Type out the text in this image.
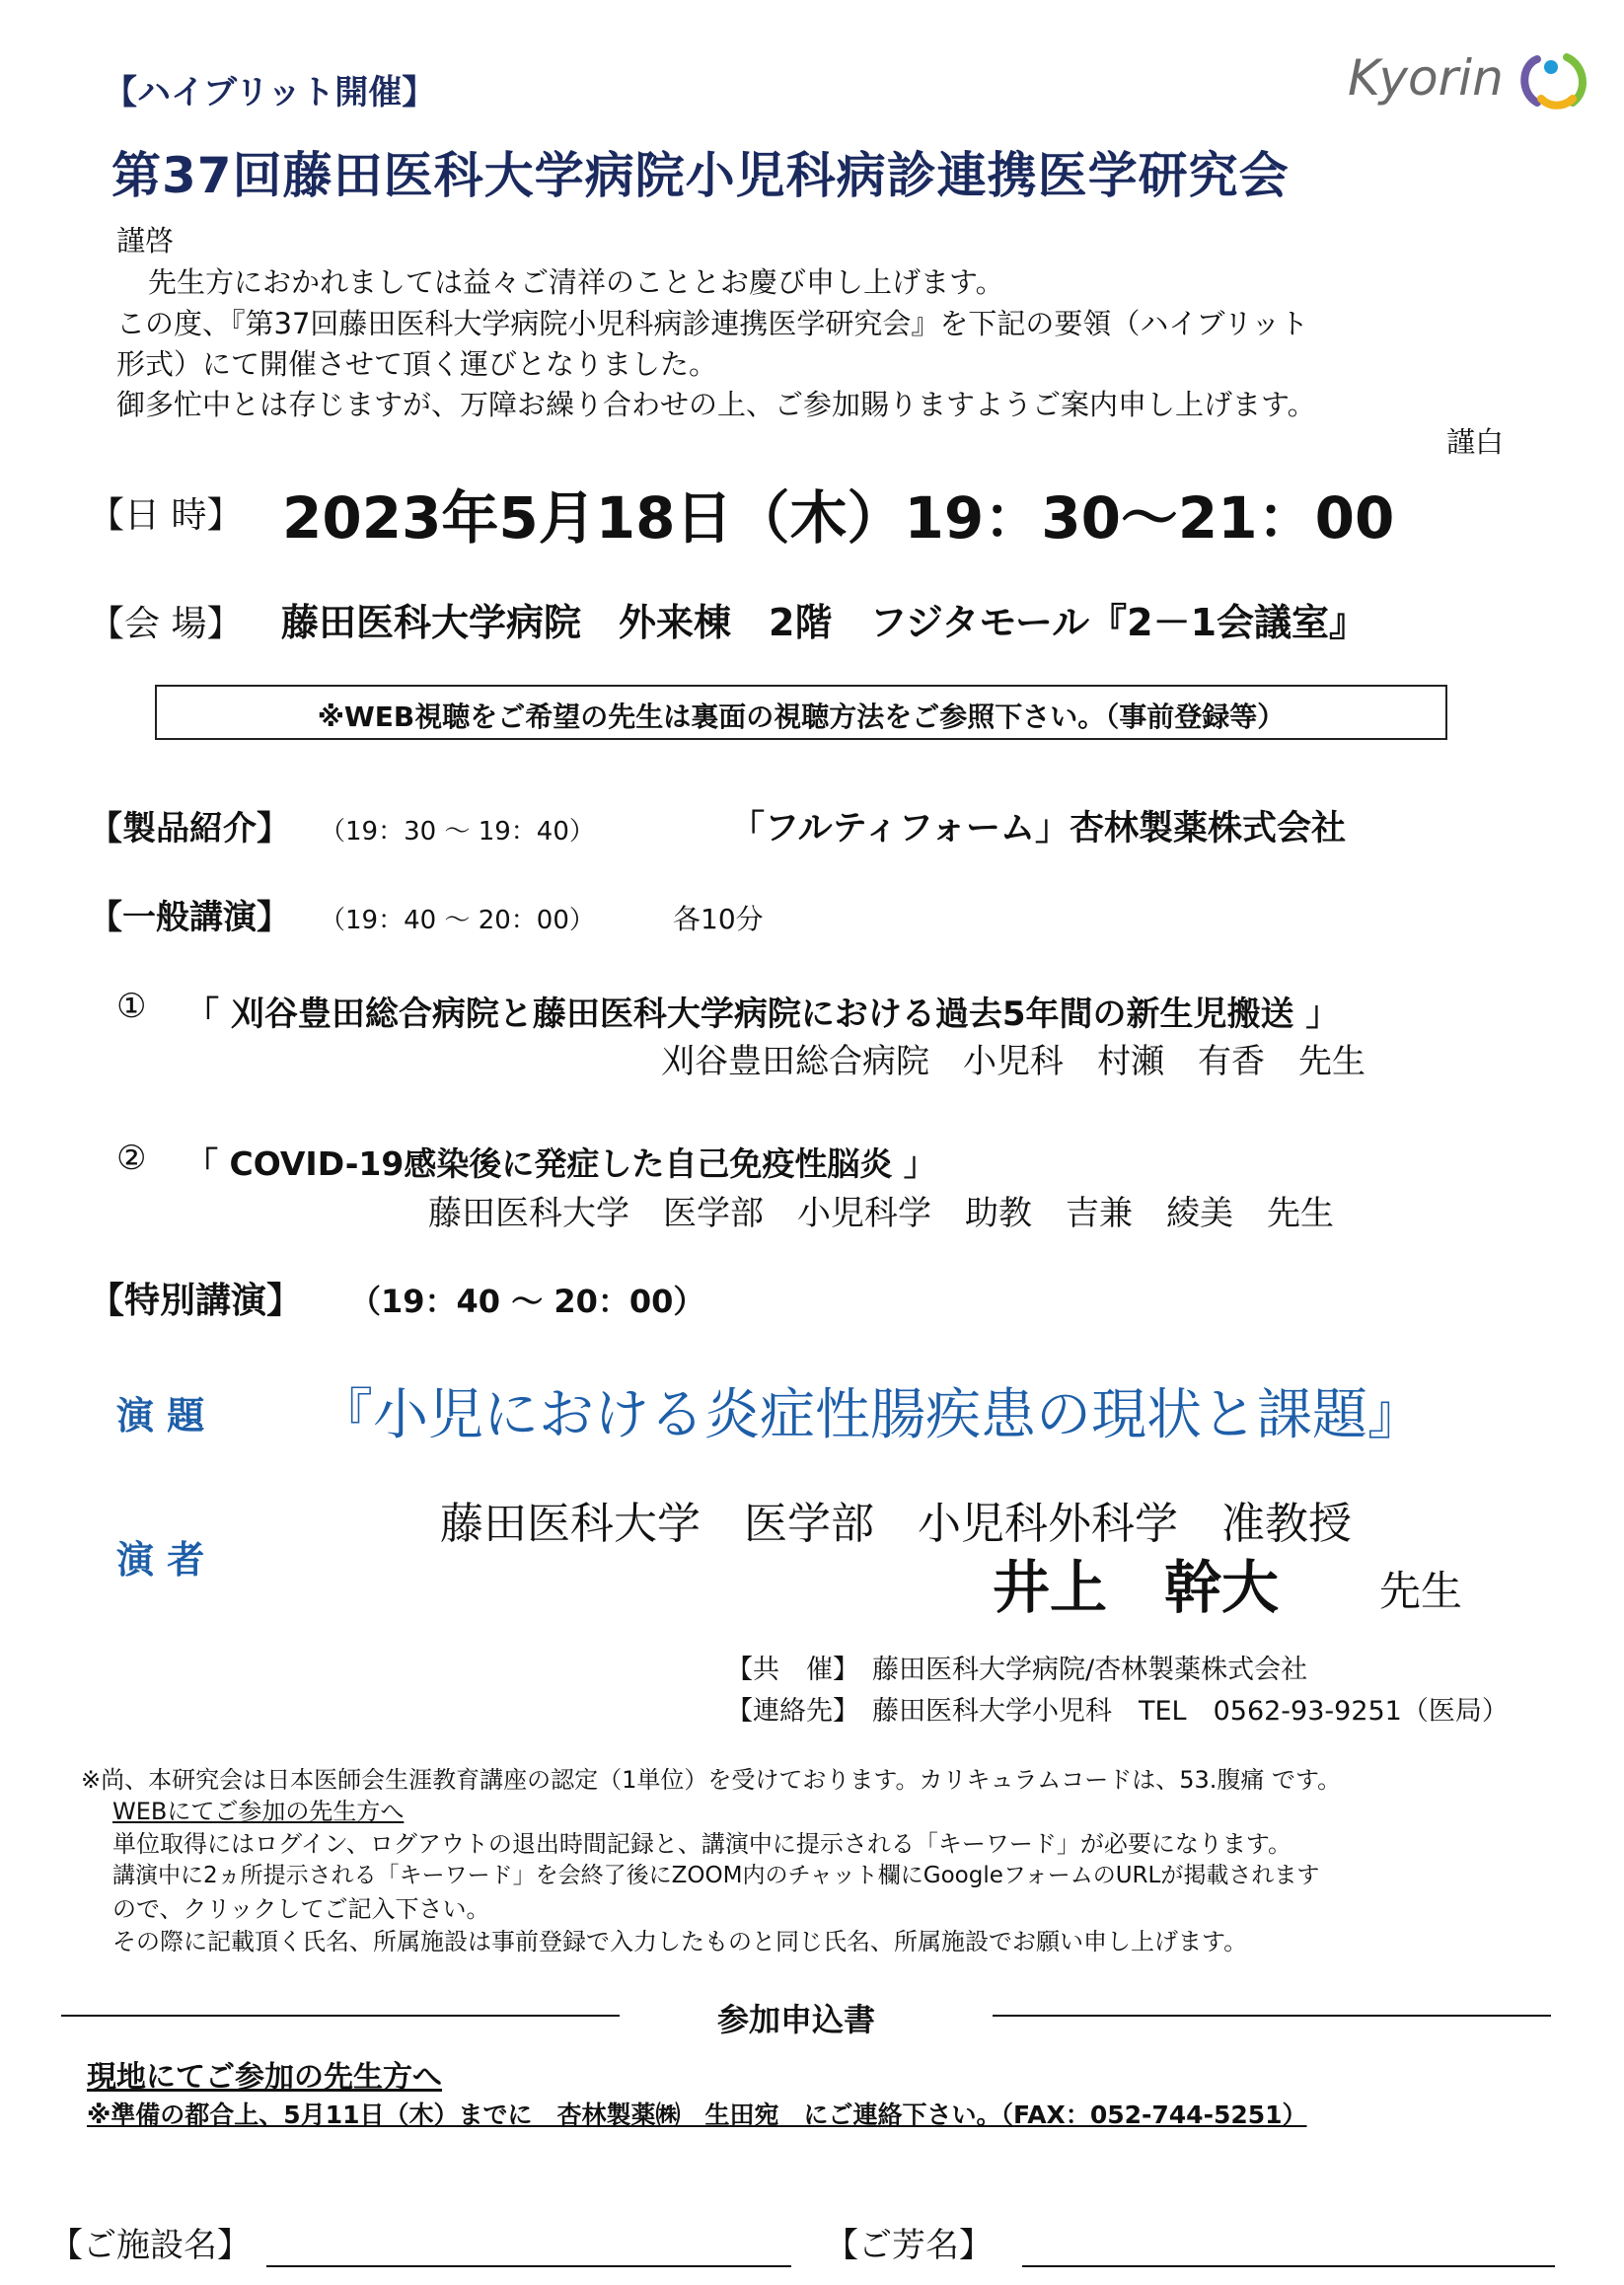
【ハイブリット開催】	Kyorin
第37回藤田医科大学病院小児科病診連携医学研究会
謹啓
先生方におかれましては益々ご清祥のこととお慶び申し上げます。
この度、『第37回藤田医科大学病院小児科病診連携医学研究会』を下記の要領（ハイブリット
形式）にて開催させて頂く運びとなりました。
御多忙中とは存じますが、万障お繰り合わせの上、ご参加賜りますようご案内申し上げます。
謹白
【日 時】 2023年5月18日（木）19：30～21：00
【会 場】 藤田医科大学病院　外来棟　2階　フジタモール『2－1会議室』
※WEB視聴をご希望の先生は裏面の視聴方法をご参照下さい。（事前登録等）
【製品紹介】 （19：30 ～ 19：40）	「フルティフォーム」杏林製薬株式会社
【一般講演】 （19：40 ～ 20：00）	各10分
① 「 刈谷豊田総合病院と藤田医科大学病院における過去5年間の新生児搬送 」
刈谷豊田総合病院　小児科　村瀬　有香　先生
② 「 COVID-19感染後に発症した自己免疫性脳炎 」
藤田医科大学　医学部　小児科学　助教　吉兼　綾美　先生
【特別講演】 （19：40 ～ 20：00）
演 題 『小児における炎症性腸疾患の現状と課題』
藤田医科大学　医学部　小児科外科学　准教授
演 者	井上　幹大 先生
【共　催】 藤田医科大学病院/杏林製薬株式会社
【連絡先】 藤田医科大学小児科　TEL　0562-93-9251（医局）
※尚、本研究会は日本医師会生涯教育講座の認定（1単位）を受けております。カリキュラムコードは、53.腹痛 です。
WEBにてご参加の先生方へ
単位取得にはログイン、ログアウトの退出時間記録と、講演中に提示される「キーワード」が必要になります。
講演中に2ヵ所提示される「キーワード」を会終了後にZOOM内のチャット欄にGoogleフォームのURLが掲載されます
ので、クリックしてご記入下さい。
その際に記載頂く氏名、所属施設は事前登録で入力したものと同じ氏名、所属施設でお願い申し上げます。
参加申込書
現地にてご参加の先生方へ
※準備の都合上、5月11日（木）までに　杏林製薬㈱　生田宛　にご連絡下さい。（FAX：052-744-5251）
【ご施設名】	【ご芳名】
